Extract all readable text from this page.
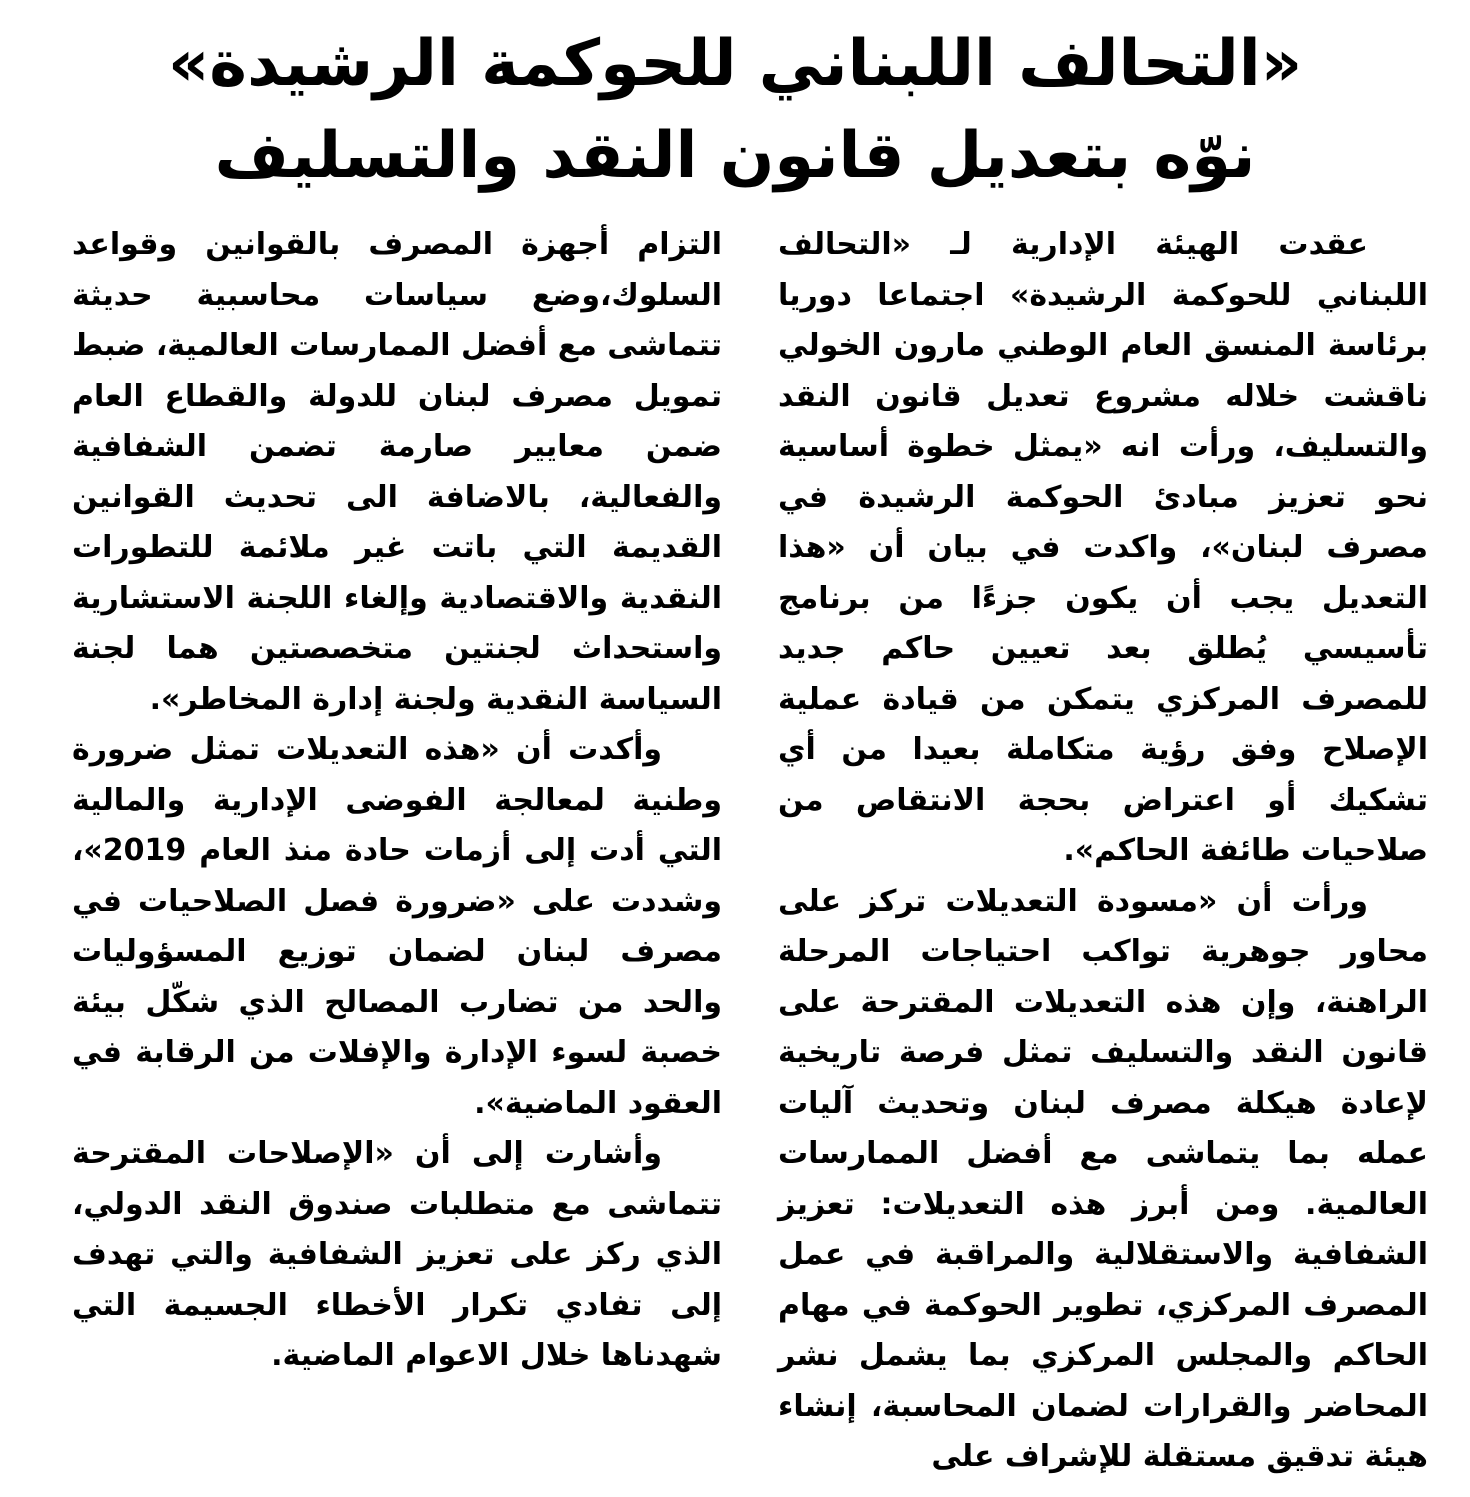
«التحالف اللبناني للحوكمة الرشيدة»
نوّه بتعديل قانون النقد والتسليف

عقدت الهيئة الإدارية لـ «التحالف اللبناني للحوكمة الرشيدة» اجتماعا دوريا برئاسة المنسق العام الوطني مارون الخولي ناقشت خلاله مشروع تعديل قانون النقد والتسليف، ورأت انه «يمثل خطوة أساسية نحو تعزيز مبادئ الحوكمة الرشيدة في مصرف لبنان»، واكدت في بيان أن «هذا التعديل يجب أن يكون جزءًا من برنامج تأسيسي يُطلق بعد تعيين حاكم جديد للمصرف المركزي يتمكن من قيادة عملية الإصلاح وفق رؤية متكاملة بعيدا من أي تشكيك أو اعتراض بحجة الانتقاص من صلاحيات طائفة الحاكم».

ورأت أن «مسودة التعديلات تركز على محاور جوهرية تواكب احتياجات المرحلة الراهنة، وإن هذه التعديلات المقترحة على قانون النقد والتسليف تمثل فرصة تاريخية لإعادة هيكلة مصرف لبنان وتحديث آليات عمله بما يتماشى مع أفضل الممارسات العالمية. ومن أبرز هذه التعديلات: تعزيز الشفافية والاستقلالية والمراقبة في عمل المصرف المركزي، تطوير الحوكمة في مهام الحاكم والمجلس المركزي بما يشمل نشر المحاضر والقرارات لضمان المحاسبة، إنشاء هيئة تدقيق مستقلة للإشراف على

التزام أجهزة المصرف بالقوانين وقواعد السلوك،وضع سياسات محاسبية حديثة تتماشى مع أفضل الممارسات العالمية، ضبط تمويل مصرف لبنان للدولة والقطاع العام ضمن معايير صارمة تضمن الشفافية والفعالية، بالاضافة الى تحديث القوانين القديمة التي باتت غير ملائمة للتطورات النقدية والاقتصادية وإلغاء اللجنة الاستشارية واستحداث لجنتين متخصصتين هما لجنة السياسة النقدية ولجنة إدارة المخاطر».

وأكدت أن «هذه التعديلات تمثل ضرورة وطنية لمعالجة الفوضى الإدارية والمالية التي أدت إلى أزمات حادة منذ العام 2019»، وشددت على «ضرورة فصل الصلاحيات في مصرف لبنان لضمان توزيع المسؤوليات والحد من تضارب المصالح الذي شكّل بيئة خصبة لسوء الإدارة والإفلات من الرقابة في العقود الماضية».

وأشارت إلى أن «الإصلاحات المقترحة تتماشى مع متطلبات صندوق النقد الدولي، الذي ركز على تعزيز الشفافية والتي تهدف إلى تفادي تكرار الأخطاء الجسيمة التي شهدناها خلال الاعوام الماضية.
